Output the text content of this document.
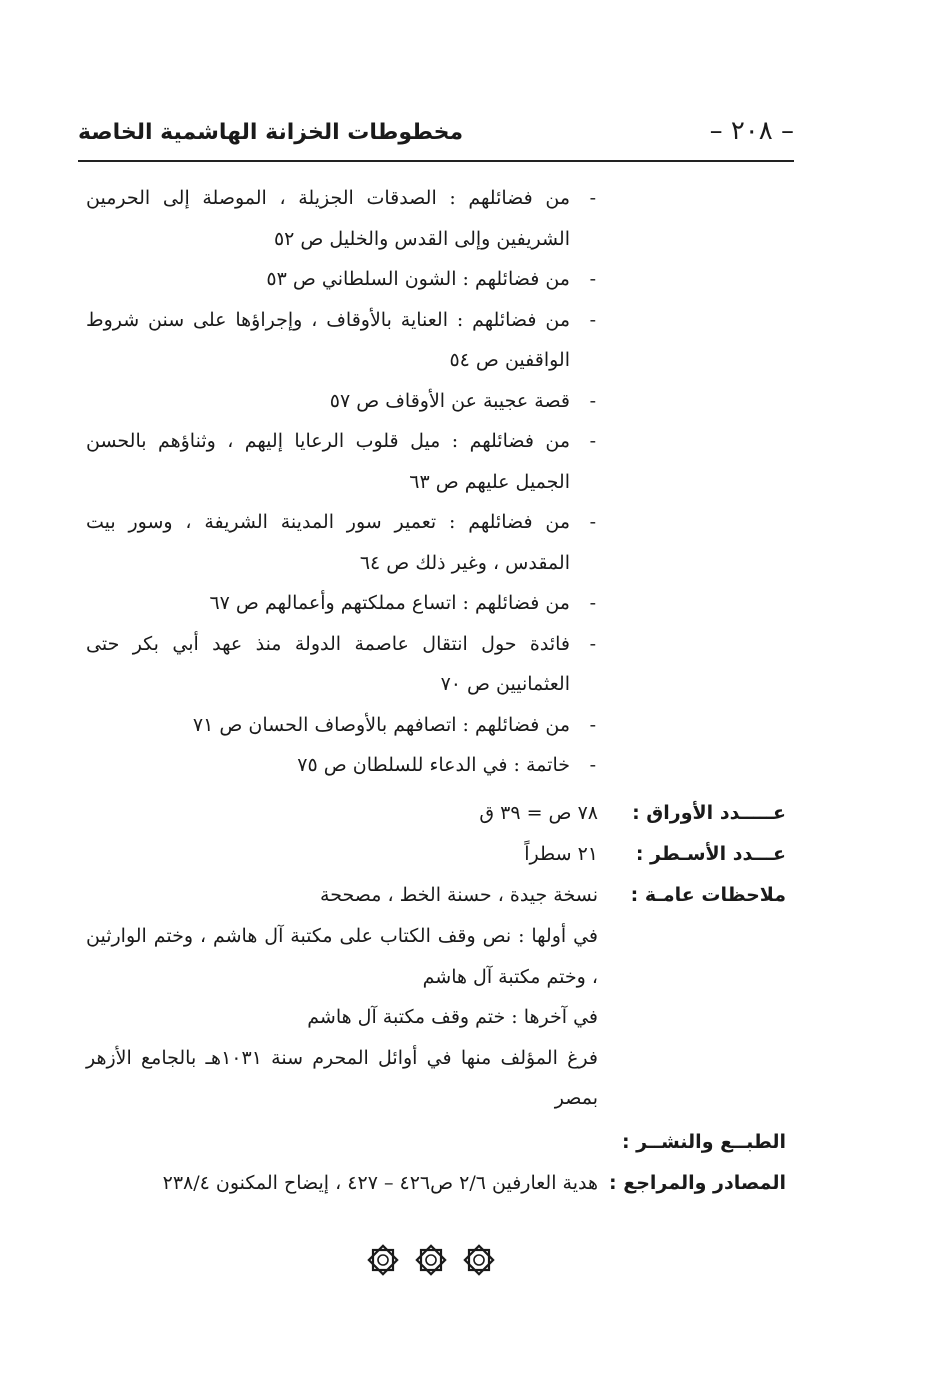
– ٢٠٨ –
مخطوطات الخزانة الهاشمية الخاصة
-
من فضائلهم : الصدقات الجزيلة ، الموصلة إلى الحرمين الشريفين وإلى القدس والخليل ص ٥٢
-
من فضائلهم : الشون السلطاني ص ٥٣
-
من فضائلهم : العناية بالأوقاف ، وإجراؤها على سنن شروط الواقفين ص ٥٤
-
قصة عجيبة عن الأوقاف ص ٥٧
-
من فضائلهم : ميل قلوب الرعايا إليهم ، وثناؤهم بالحسن الجميل عليهم ص ٦٣
-
من فضائلهم : تعمير سور المدينة الشريفة ، وسور بيت المقدس ، وغير ذلك ص ٦٤
-
من فضائلهم : اتساع مملكتهم وأعمالهم ص ٦٧
-
فائدة حول انتقال عاصمة الدولة منذ عهد أبي بكر حتى العثمانيين ص ٧٠
-
من فضائلهم : اتصافهم بالأوصاف الحسان ص ٧١
-
خاتمة : في الدعاء للسلطان ص ٧٥
عـــــدد الأوراق :
٧٨ ص = ٣٩ ق
عـــدد الأسـطر :
٢١ سطراً
ملاحظات عامـة :
نسخة جيدة ، حسنة الخط ، مصححة

في أولها : نص وقف الكتاب على مكتبة آل هاشم ، وختم الوارثين ، وختم مكتبة آل هاشم

في آخرها : ختم وقف مكتبة آل هاشم

فرغ المؤلف منها في أوائل المحرم سنة ١٠٣١هـ بالجامع الأزهر بمصر

الطبــع والنشــر :
المصادر والمراجع :
هدية العارفين ٢/٦ ص٤٢٦ – ٤٢٧ ، إيضاح المكنون ٢٣٨/٤
